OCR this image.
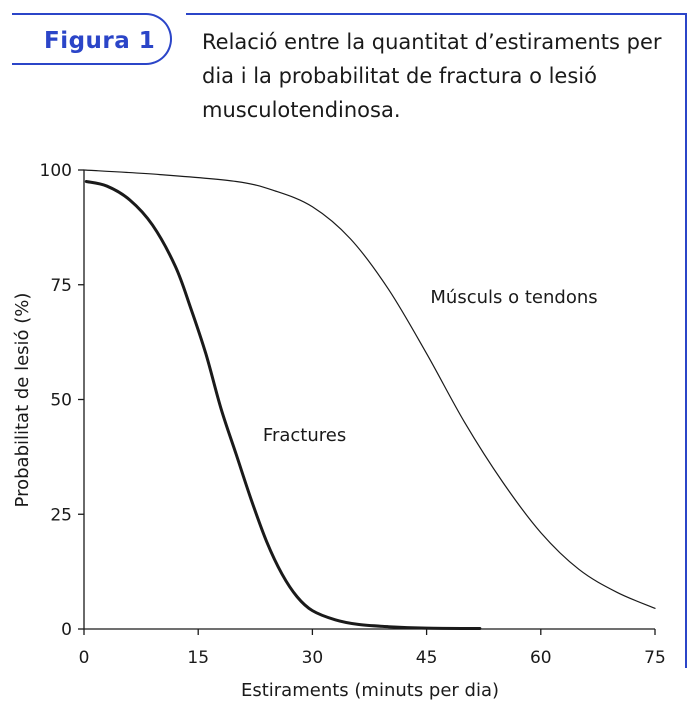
Figura 1 Relació entre la quantitat d’estiraments per dia i la probabilitat de fractura o lesió musculotendinosa.
0	15	30	45	60	75
0
25
50
75
100
Fractures
Músculs o tendons
Estiraments (minuts per dia)
Probabilitat de lesió (%)
